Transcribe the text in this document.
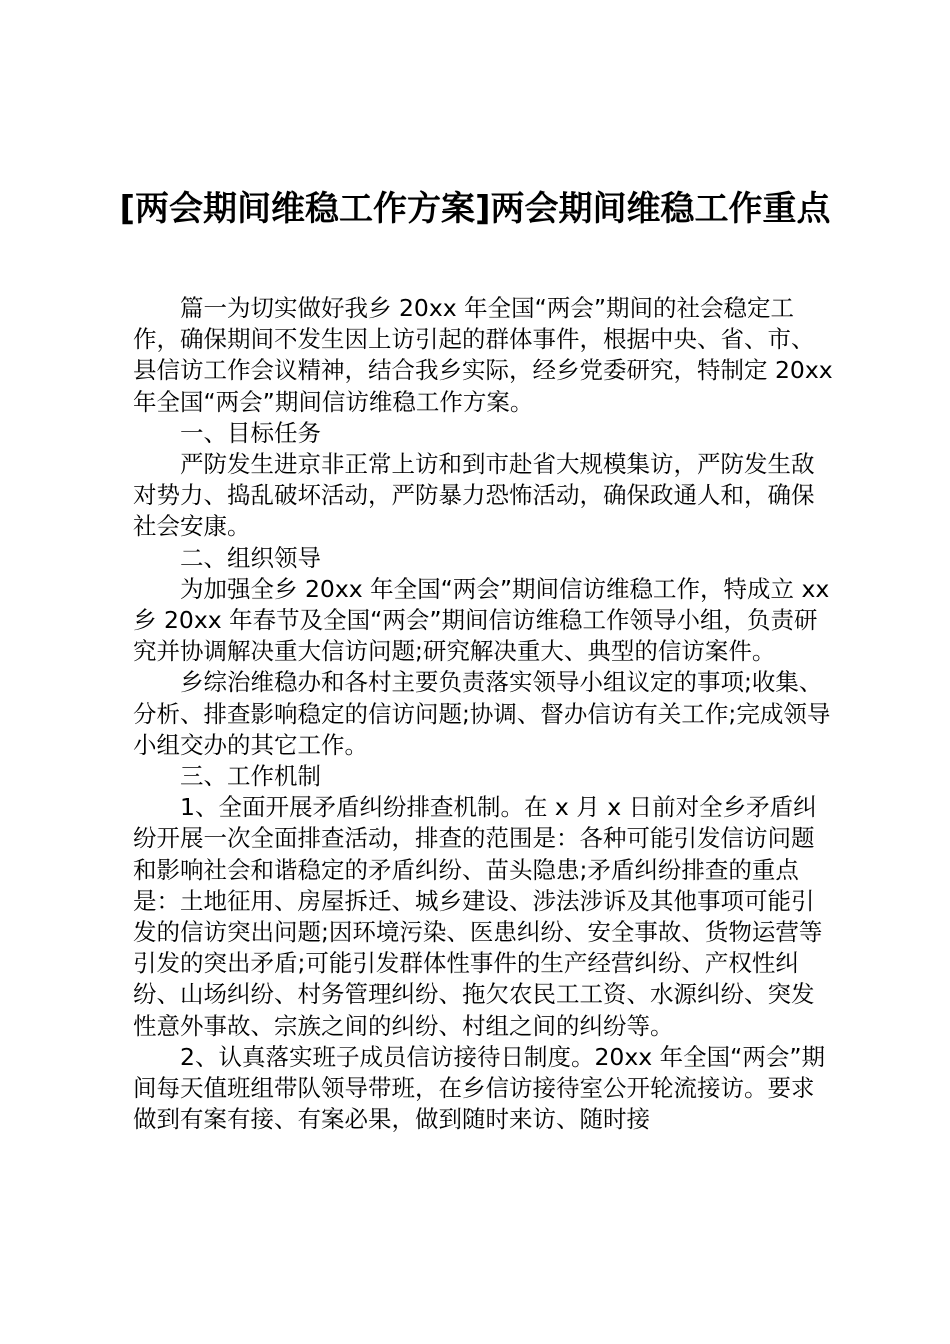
[两会期间维稳工作方案]两会期间维稳工作重点

篇一为切实做好我乡 20xx 年全国“两会”期间的社会稳定工作，确保期间不发生因上访引起的群体事件，根据中央、省、市、县信访工作会议精神，结合我乡实际，经乡党委研究，特制定 20xx 年全国“两会”期间信访维稳工作方案。

一、目标任务

严防发生进京非正常上访和到市赴省大规模集访，严防发生敌对势力、捣乱破坏活动，严防暴力恐怖活动，确保政通人和，确保社会安康。

二、组织领导

为加强全乡 20xx 年全国“两会”期间信访维稳工作，特成立 xx 乡 20xx 年春节及全国“两会”期间信访维稳工作领导小组，负责研究并协调解决重大信访问题;研究解决重大、典型的信访案件。

乡综治维稳办和各村主要负责落实领导小组议定的事项;收集、分析、排查影响稳定的信访问题;协调、督办信访有关工作;完成领导小组交办的其它工作。

三、工作机制

1、全面开展矛盾纠纷排查机制。在 x 月 x 日前对全乡矛盾纠纷开展一次全面排查活动，排查的范围是：各种可能引发信访问题和影响社会和谐稳定的矛盾纠纷、苗头隐患;矛盾纠纷排查的重点是：土地征用、房屋拆迁、城乡建设、涉法涉诉及其他事项可能引发的信访突出问题;因环境污染、医患纠纷、安全事故、货物运营等引发的突出矛盾;可能引发群体性事件的生产经营纠纷、产权性纠纷、山场纠纷、村务管理纠纷、拖欠农民工工资、水源纠纷、突发性意外事故、宗族之间的纠纷、村组之间的纠纷等。

2、认真落实班子成员信访接待日制度。20xx 年全国“两会”期间每天值班组带队领导带班，在乡信访接待室公开轮流接访。要求做到有案有接、有案必果，做到随时来访、随时接
